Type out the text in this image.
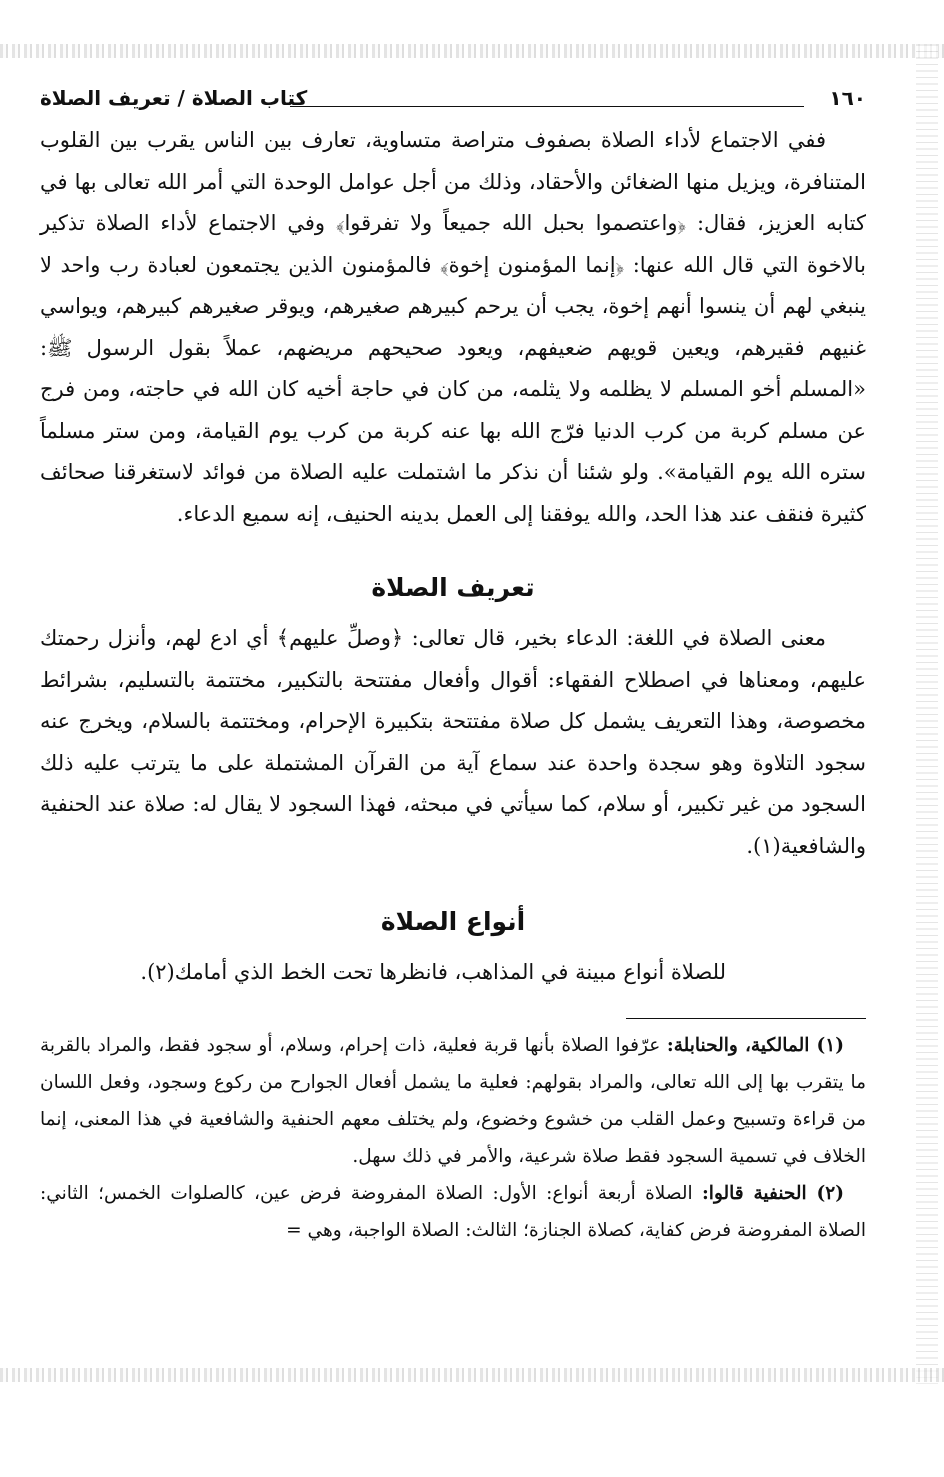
١٦٠
كتاب الصلاة / تعريف الصلاة

ففي الاجتماع لأداء الصلاة بصفوف متراصة متساوية، تعارف بين الناس يقرب بين القلوب المتنافرة، ويزيل منها الضغائن والأحقاد، وذلك من أجل عوامل الوحدة التي أمر الله تعالى بها في كتابه العزيز، فقال: ﴿واعتصموا بحبل الله جميعاً ولا تفرقوا﴾ وفي الاجتماع لأداء الصلاة تذكير بالاخوة التي قال الله عنها: ﴿إنما المؤمنون إخوة﴾ فالمؤمنون الذين يجتمعون لعبادة رب واحد لا ينبغي لهم أن ينسوا أنهم إخوة، يجب أن يرحم كبيرهم صغيرهم، ويوقر صغيرهم كبيرهم، ويواسي غنيهم فقيرهم، ويعين قويهم ضعيفهم، ويعود صحيحهم مريضهم، عملاً بقول الرسول ﷺ: «المسلم أخو المسلم لا يظلمه ولا يثلمه، من كان في حاجة أخيه كان الله في حاجته، ومن فرج عن مسلم كربة من كرب الدنيا فرّج الله بها عنه كربة من كرب يوم القيامة، ومن ستر مسلماً ستره الله يوم القيامة». ولو شئنا أن نذكر ما اشتملت عليه الصلاة من فوائد لاستغرقنا صحائف كثيرة فنقف عند هذا الحد، والله يوفقنا إلى العمل بدينه الحنيف، إنه سميع الدعاء.

تعريف الصلاة

معنى الصلاة في اللغة: الدعاء بخير، قال تعالى: ﴿وصلِّ عليهم﴾ أي ادع لهم، وأنزل رحمتك عليهم، ومعناها في اصطلاح الفقهاء: أقوال وأفعال مفتتحة بالتكبير، مختتمة بالتسليم، بشرائط مخصوصة، وهذا التعريف يشمل كل صلاة مفتتحة بتكبيرة الإحرام، ومختتمة بالسلام، ويخرج عنه سجود التلاوة وهو سجدة واحدة عند سماع آية من القرآن المشتملة على ما يترتب عليه ذلك السجود من غير تكبير، أو سلام، كما سيأتي في مبحثه، فهذا السجود لا يقال له: صلاة عند الحنفية والشافعية(١).

أنواع الصلاة

للصلاة أنواع مبينة في المذاهب، فانظرها تحت الخط الذي أمامك(٢).

(١) المالكية، والحنابلة: عرّفوا الصلاة بأنها قربة فعلية، ذات إحرام، وسلام، أو سجود فقط، والمراد بالقربة ما يتقرب بها إلى الله تعالى، والمراد بقولهم: فعلية ما يشمل أفعال الجوارح من ركوع وسجود، وفعل اللسان من قراءة وتسبيح وعمل القلب من خشوع وخضوع، ولم يختلف معهم الحنفية والشافعية في هذا المعنى، إنما الخلاف في تسمية السجود فقط صلاة شرعية، والأمر في ذلك سهل.

(٢) الحنفية قالوا: الصلاة أربعة أنواع: الأول: الصلاة المفروضة فرض عين، كالصلوات الخمس؛ الثاني: الصلاة المفروضة فرض كفاية، كصلاة الجنازة؛ الثالث: الصلاة الواجبة، وهي =
